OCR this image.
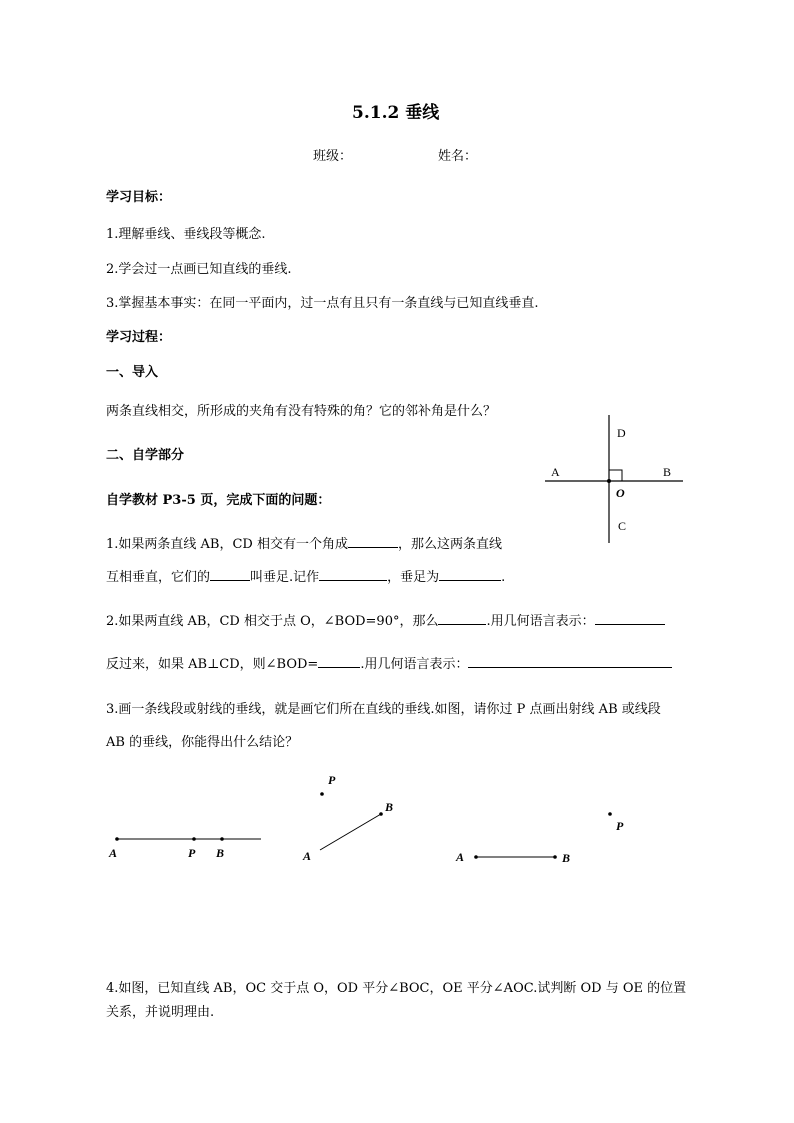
5.1.2 垂线
班级：	姓名：
学习目标：
1.理解垂线、垂线段等概念.
2.学会过一点画已知直线的垂线.
3.掌握基本事实：在同一平面内，过一点有且只有一条直线与已知直线垂直.
学习过程：
一、导入
两条直线相交，所形成的夹角有没有特殊的角？它的邻补角是什么？
二、自学部分
自学教材 P3-5 页，完成下面的问题：
D
A	B
O
C
1.如果两条直线 AB，CD 相交有一个角成	，那么这两条直线
互相垂直，它们的	叫垂足.记作	，垂足为	.
2.如果两直线 AB，CD 相交于点 O，∠BOD=90°，那么	.用几何语言表示：
反过来，如果 AB⊥CD，则∠BOD=	.用几何语言表示：
3.画一条线段或射线的垂线，就是画它们所在直线的垂线.如图，请你过 P 点画出射线 AB 或线段
AB 的垂线，你能得出什么结论？
A	P B
P
B
A	A	B
P
4.如图，已知直线 AB，OC 交于点 O，OD 平分∠BOC，OE 平分∠AOC.试判断 OD 与 OE 的位置
关系，并说明理由.
